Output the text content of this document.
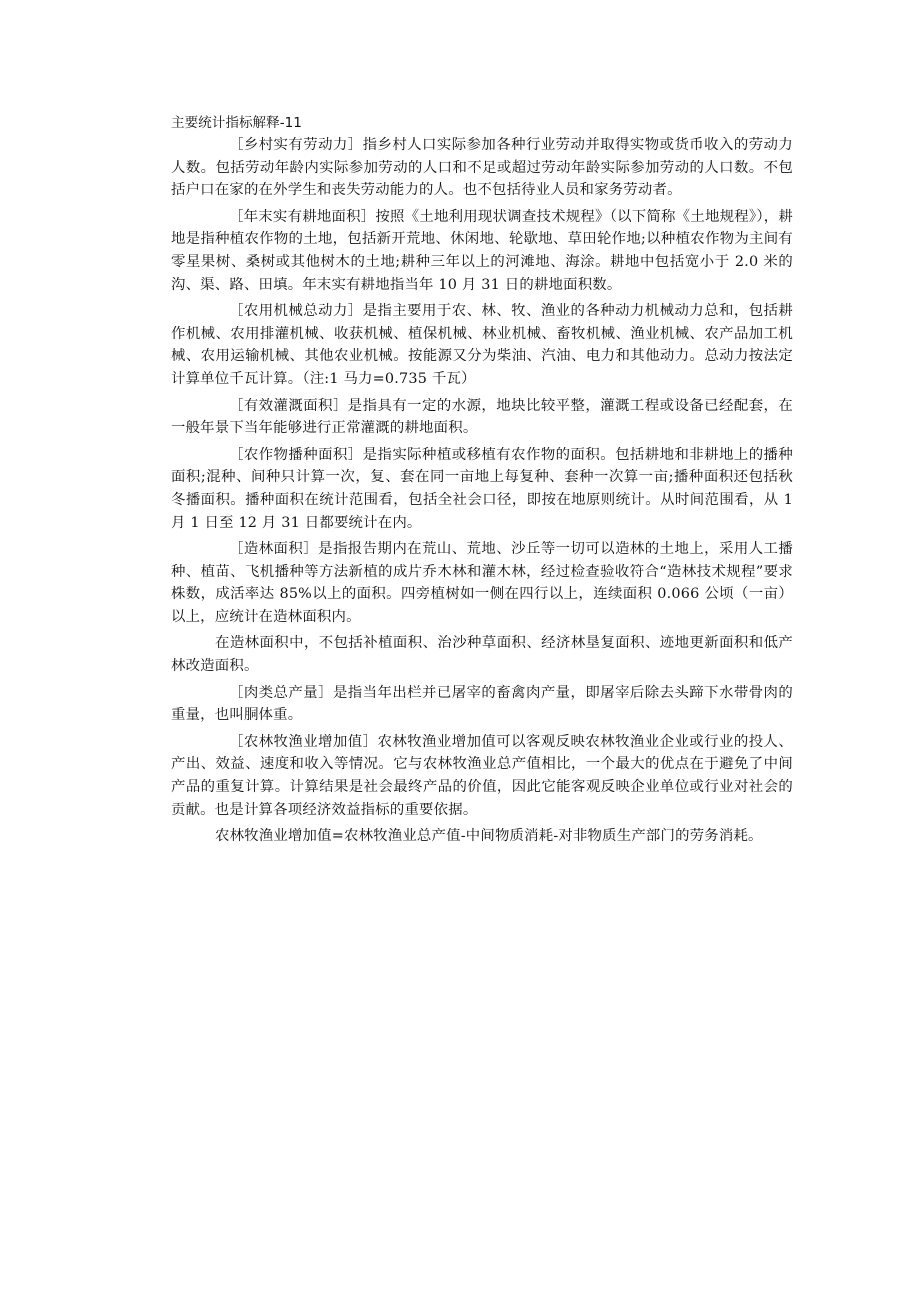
主要统计指标解释-11

［乡村实有劳动力］指乡村人口实际参加各种行业劳动并取得实物或货币收入的劳动力人数。包括劳动年龄内实际参加劳动的人口和不足或超过劳动年龄实际参加劳动的人口数。不包括户口在家的在外学生和丧失劳动能力的人。也不包括待业人员和家务劳动者。

［年末实有耕地面积］按照《土地利用现状调查技术规程》（以下简称《土地规程》），耕地是指种植农作物的土地，包括新开荒地、休闲地、轮歇地、草田轮作地;以种植农作物为主间有零星果树、桑树或其他树木的土地;耕种三年以上的河滩地、海涂。耕地中包括宽小于 2.0 米的沟、渠、路、田填。年末实有耕地指当年 10 月 31 日的耕地面积数。

［农用机械总动力］是指主要用于农、林、牧、渔业的各种动力机械动力总和，包括耕作机械、农用排灌机械、收获机械、植保机械、林业机械、畜牧机械、渔业机械、农产品加工机械、农用运输机械、其他农业机械。按能源又分为柴油、汽油、电力和其他动力。总动力按法定计算单位千瓦计算。（注:1 马力=0.735 千瓦）

［有效灌溉面积］是指具有一定的水源，地块比较平整，灌溉工程或设备已经配套，在一般年景下当年能够进行正常灌溉的耕地面积。

［农作物播种面积］是指实际种植或移植有农作物的面积。包括耕地和非耕地上的播种面积;混种、间种只计算一次，复、套在同一亩地上每复种、套种一次算一亩;播种面积还包括秋冬播面积。播种面积在统计范围看，包括全社会口径，即按在地原则统计。从时间范围看，从 1 月 1 日至 12 月 31 日都要统计在内。

［造林面积］是指报告期内在荒山、荒地、沙丘等一切可以造林的土地上，采用人工播种、植苗、飞机播种等方法新植的成片乔木林和灌木林，经过检查验收符合“造林技术规程”要求株数，成活率达 85%以上的面积。四旁植树如一侧在四行以上，连续面积 0.066 公顷（一亩）以上，应统计在造林面积内。

在造林面积中，不包括补植面积、治沙种草面积、经济林垦复面积、迹地更新面积和低产林改造面积。

［肉类总产量］是指当年出栏并已屠宰的畜禽肉产量，即屠宰后除去头蹄下水带骨肉的重量，也叫胴体重。

［农林牧渔业增加值］农林牧渔业增加值可以客观反映农林牧渔业企业或行业的投人、产出、效益、速度和收入等情况。它与农林牧渔业总产值相比，一个最大的优点在于避免了中间产品的重复计算。计算结果是社会最终产品的价值，因此它能客观反映企业单位或行业对社会的贡献。也是计算各项经济效益指标的重要依据。

农林牧渔业增加值=农林牧渔业总产值-中间物质消耗-对非物质生产部门的劳务消耗。
